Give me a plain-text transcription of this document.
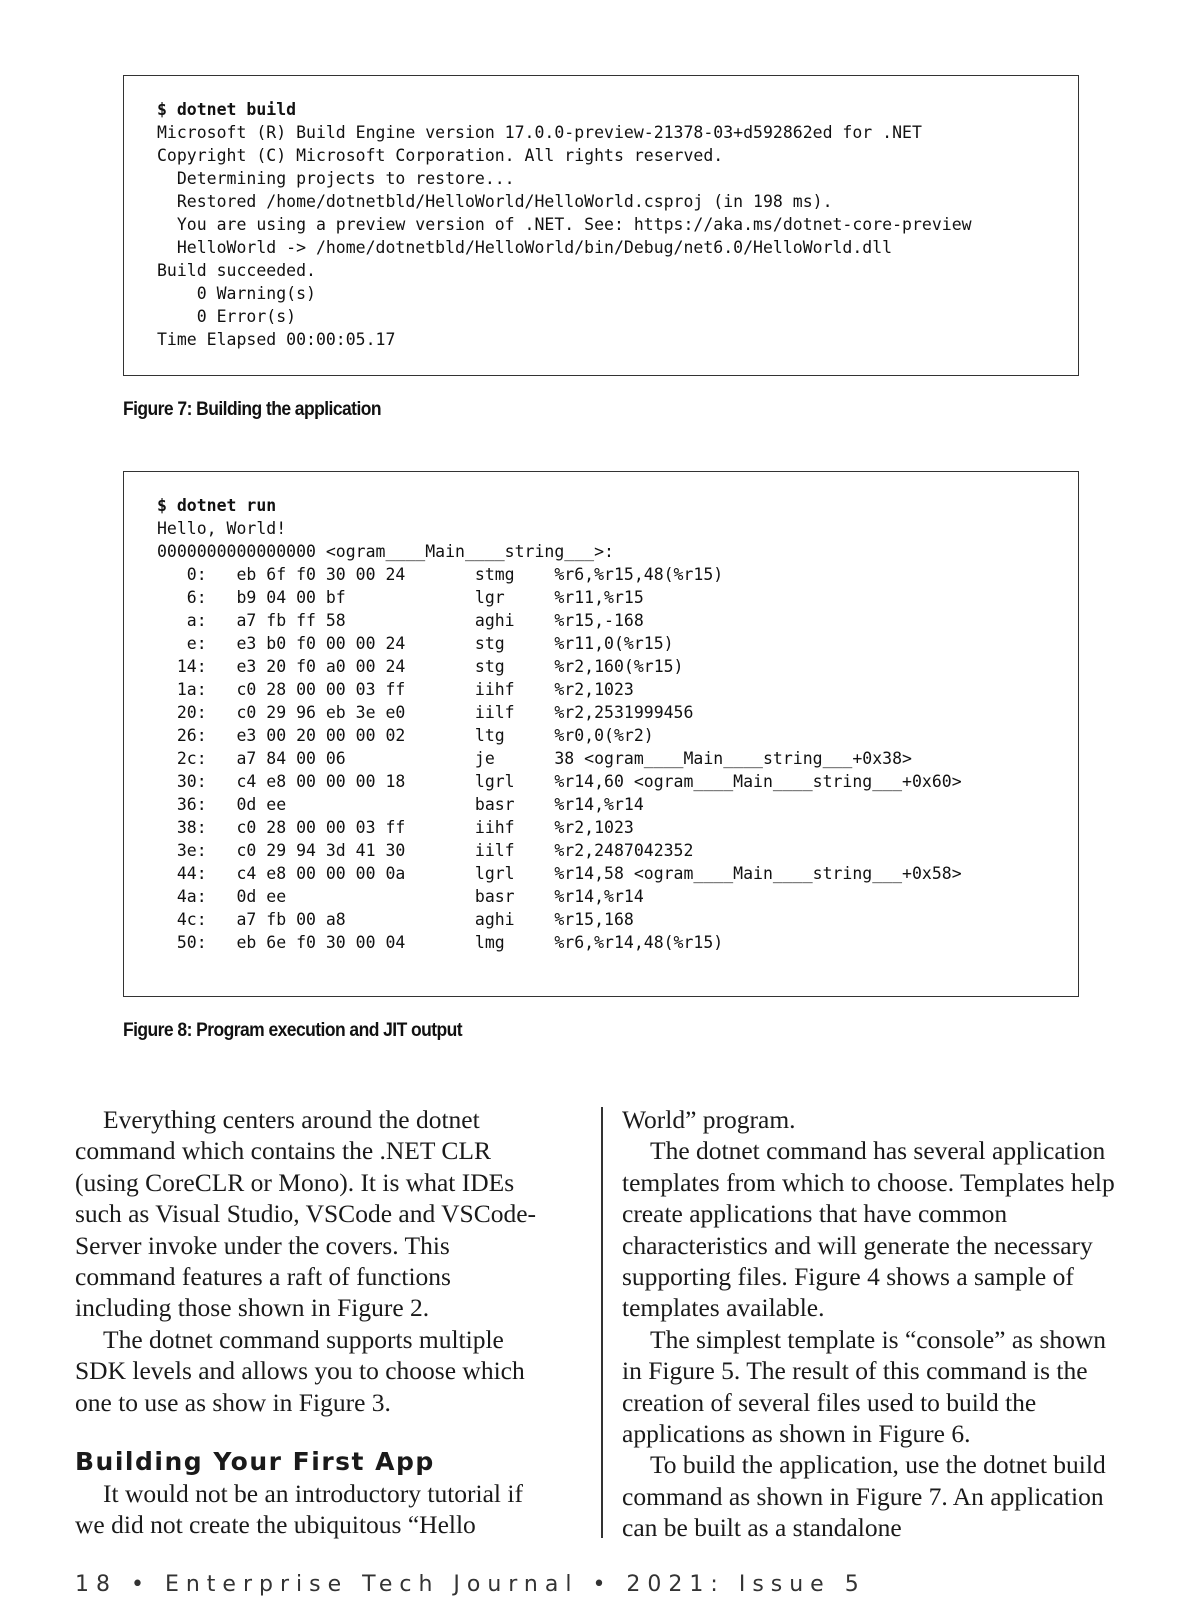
$ dotnet build
Microsoft (R) Build Engine version 17.0.0-preview-21378-03+d592862ed for .NET
Copyright (C) Microsoft Corporation. All rights reserved.
Determining projects to restore...
Restored /home/dotnetbld/HelloWorld/HelloWorld.csproj (in 198 ms).
You are using a preview version of .NET. See: https://aka.ms/dotnet-core-preview
HelloWorld -> /home/dotnetbld/HelloWorld/bin/Debug/net6.0/HelloWorld.dll
Build succeeded.
0 Warning(s)
0 Error(s)
Time Elapsed 00:00:05.17
Figure 7: Building the application
$ dotnet run
Hello, World!
0000000000000000 <ogram____Main____string___>:
0:   eb 6f f0 30 00 24       stmg    %r6,%r15,48(%r15)
6:   b9 04 00 bf             lgr     %r11,%r15
a:   a7 fb ff 58             aghi    %r15,-168
e:   e3 b0 f0 00 00 24       stg     %r11,0(%r15)
14:   e3 20 f0 a0 00 24       stg     %r2,160(%r15)
1a:   c0 28 00 00 03 ff       iihf    %r2,1023
20:   c0 29 96 eb 3e e0       iilf    %r2,2531999456
26:   e3 00 20 00 00 02       ltg     %r0,0(%r2)
2c:   a7 84 00 06             je      38 <ogram____Main____string___+0x38>
30:   c4 e8 00 00 00 18       lgrl    %r14,60 <ogram____Main____string___+0x60>
36:   0d ee                   basr    %r14,%r14
38:   c0 28 00 00 03 ff       iihf    %r2,1023
3e:   c0 29 94 3d 41 30       iilf    %r2,2487042352
44:   c4 e8 00 00 00 0a       lgrl    %r14,58 <ogram____Main____string___+0x58>
4a:   0d ee                   basr    %r14,%r14
4c:   a7 fb 00 a8             aghi    %r15,168
50:   eb 6e f0 30 00 04       lmg     %r6,%r14,48(%r15)
Figure 8: Program execution and JIT output

Everything centers around the dotnet command which contains the .NET CLR (using CoreCLR or Mono). It is what IDEs such as Visual Studio, VSCode and VSCode-Server invoke under the covers. This command features a raft of functions including those shown in Figure 2.

The dotnet command supports multiple SDK levels and allows you to choose which one to use as show in Figure 3.

Building Your First App

It would not be an introductory tutorial if we did not create the ubiquitous “Hello

World” program.

The dotnet command has several application templates from which to choose. Templates help create applications that have common characteristics and will generate the necessary supporting files. Figure 4 shows a sample of templates available.

The simplest template is “console” as shown in Figure 5. The result of this command is the creation of several files used to build the applications as shown in Figure 6.

To build the application, use the dotnet build command as shown in Figure 7. An application can be built as a standalone

18 • Enterprise Tech Journal • 2021: Issue 5
